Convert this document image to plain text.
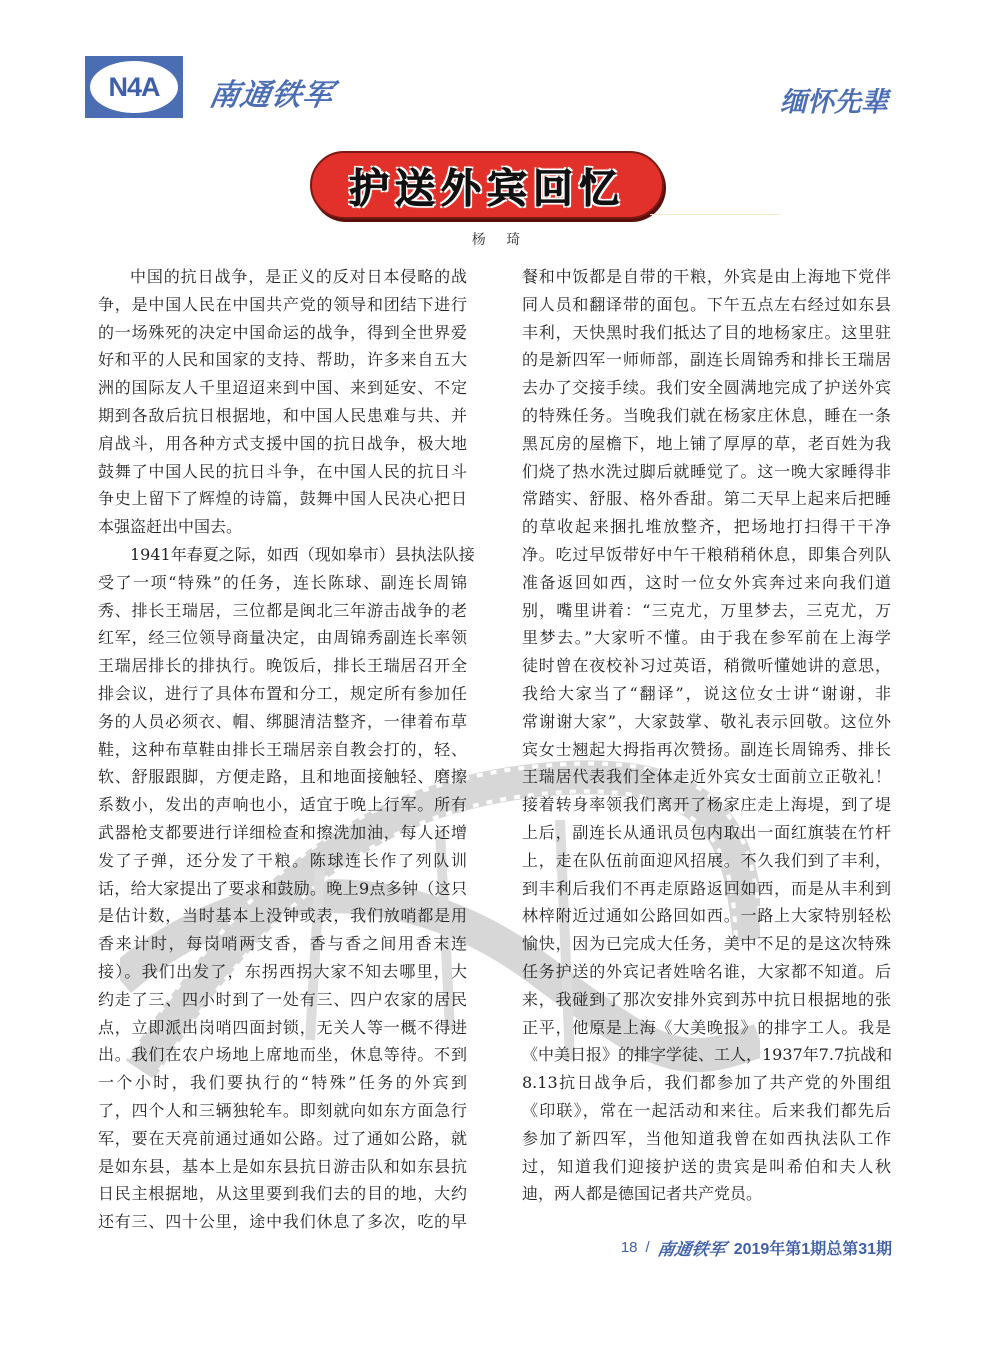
N4A	南通铁军	缅怀先辈
护送外宾回忆
杨 琦
中国的抗日战争，是正义的反对日本侵略的战
争，是中国人民在中国共产党的领导和团结下进行
的一场殊死的决定中国命运的战争，得到全世界爱
好和平的人民和国家的支持、帮助，许多来自五大
洲的国际友人千里迢迢来到中国、来到延安、不定
期到各敌后抗日根据地，和中国人民患难与共、并
肩战斗，用各种方式支援中国的抗日战争，极大地
鼓舞了中国人民的抗日斗争，在中国人民的抗日斗
争史上留下了辉煌的诗篇，鼓舞中国人民决心把日
本强盗赶出中国去。
1941年春夏之际，如西（现如皋市）县执法队接
受了一项“特殊”的任务，连长陈球、副连长周锦
秀、排长王瑞居，三位都是闽北三年游击战争的老
红军，经三位领导商量决定，由周锦秀副连长率领
王瑞居排长的排执行。晚饭后，排长王瑞居召开全
排会议，进行了具体布置和分工，规定所有参加任
务的人员必须衣、帽、绑腿清洁整齐，一律着布草
鞋，这种布草鞋由排长王瑞居亲自教会打的，轻、
软、舒服跟脚，方便走路，且和地面接触轻、磨擦
系数小，发出的声响也小，适宜于晚上行军。所有
武器枪支都要进行详细检查和擦洗加油，每人还增
发了子弹，还分发了干粮。陈球连长作了列队训
话，给大家提出了要求和鼓励。晚上9点多钟（这只
是估计数，当时基本上没钟或表，我们放哨都是用
香来计时，每岗哨两支香，香与香之间用香末连
接）。我们出发了，东拐西拐大家不知去哪里，大
约走了三、四小时到了一处有三、四户农家的居民
点，立即派出岗哨四面封锁，无关人等一概不得进
出。我们在农户场地上席地而坐，休息等待。不到
一个小时，我们要执行的“特殊”任务的外宾到
了，四个人和三辆独轮车。即刻就向如东方面急行
军，要在天亮前通过通如公路。过了通如公路，就
是如东县，基本上是如东县抗日游击队和如东县抗
日民主根据地，从这里要到我们去的目的地，大约
还有三、四十公里，途中我们休息了多次，吃的早
餐和中饭都是自带的干粮，外宾是由上海地下党伴
同人员和翻译带的面包。下午五点左右经过如东县
丰利，天快黑时我们抵达了目的地杨家庄。这里驻
的是新四军一师师部，副连长周锦秀和排长王瑞居
去办了交接手续。我们安全圆满地完成了护送外宾
的特殊任务。当晚我们就在杨家庄休息，睡在一条
黑瓦房的屋檐下，地上铺了厚厚的草，老百姓为我
们烧了热水洗过脚后就睡觉了。这一晚大家睡得非
常踏实、舒服、格外香甜。第二天早上起来后把睡
的草收起来捆扎堆放整齐，把场地打扫得干干净
净。吃过早饭带好中午干粮稍稍休息，即集合列队
准备返回如西，这时一位女外宾奔过来向我们道
别，嘴里讲着：“三克尤，万里梦去，三克尤，万
里梦去。”大家听不懂。由于我在参军前在上海学
徒时曾在夜校补习过英语，稍微听懂她讲的意思，
我给大家当了“翻译”，说这位女士讲“谢谢，非
常谢谢大家”，大家鼓掌、敬礼表示回敬。这位外
宾女士翘起大拇指再次赞扬。副连长周锦秀、排长
王瑞居代表我们全体走近外宾女士面前立正敬礼！
接着转身率领我们离开了杨家庄走上海堤，到了堤
上后，副连长从通讯员包内取出一面红旗装在竹杆
上，走在队伍前面迎风招展。不久我们到了丰利，
到丰利后我们不再走原路返回如西，而是从丰利到
林梓附近过通如公路回如西。一路上大家特别轻松
愉快，因为已完成大任务，美中不足的是这次特殊
任务护送的外宾记者姓啥名谁，大家都不知道。后
来，我碰到了那次安排外宾到苏中抗日根据地的张
正平，他原是上海《大美晚报》的排字工人。我是
《中美日报》的排字学徒、工人，1937年7.7抗战和
8.13抗日战争后，我们都参加了共产党的外围组
《印联》，常在一起活动和来往。后来我们都先后
参加了新四军，当他知道我曾在如西执法队工作
过，知道我们迎接护送的贵宾是叫希伯和夫人秋
迪，两人都是德国记者共产党员。
18 / 南通铁军 2019年第1期总第31期
